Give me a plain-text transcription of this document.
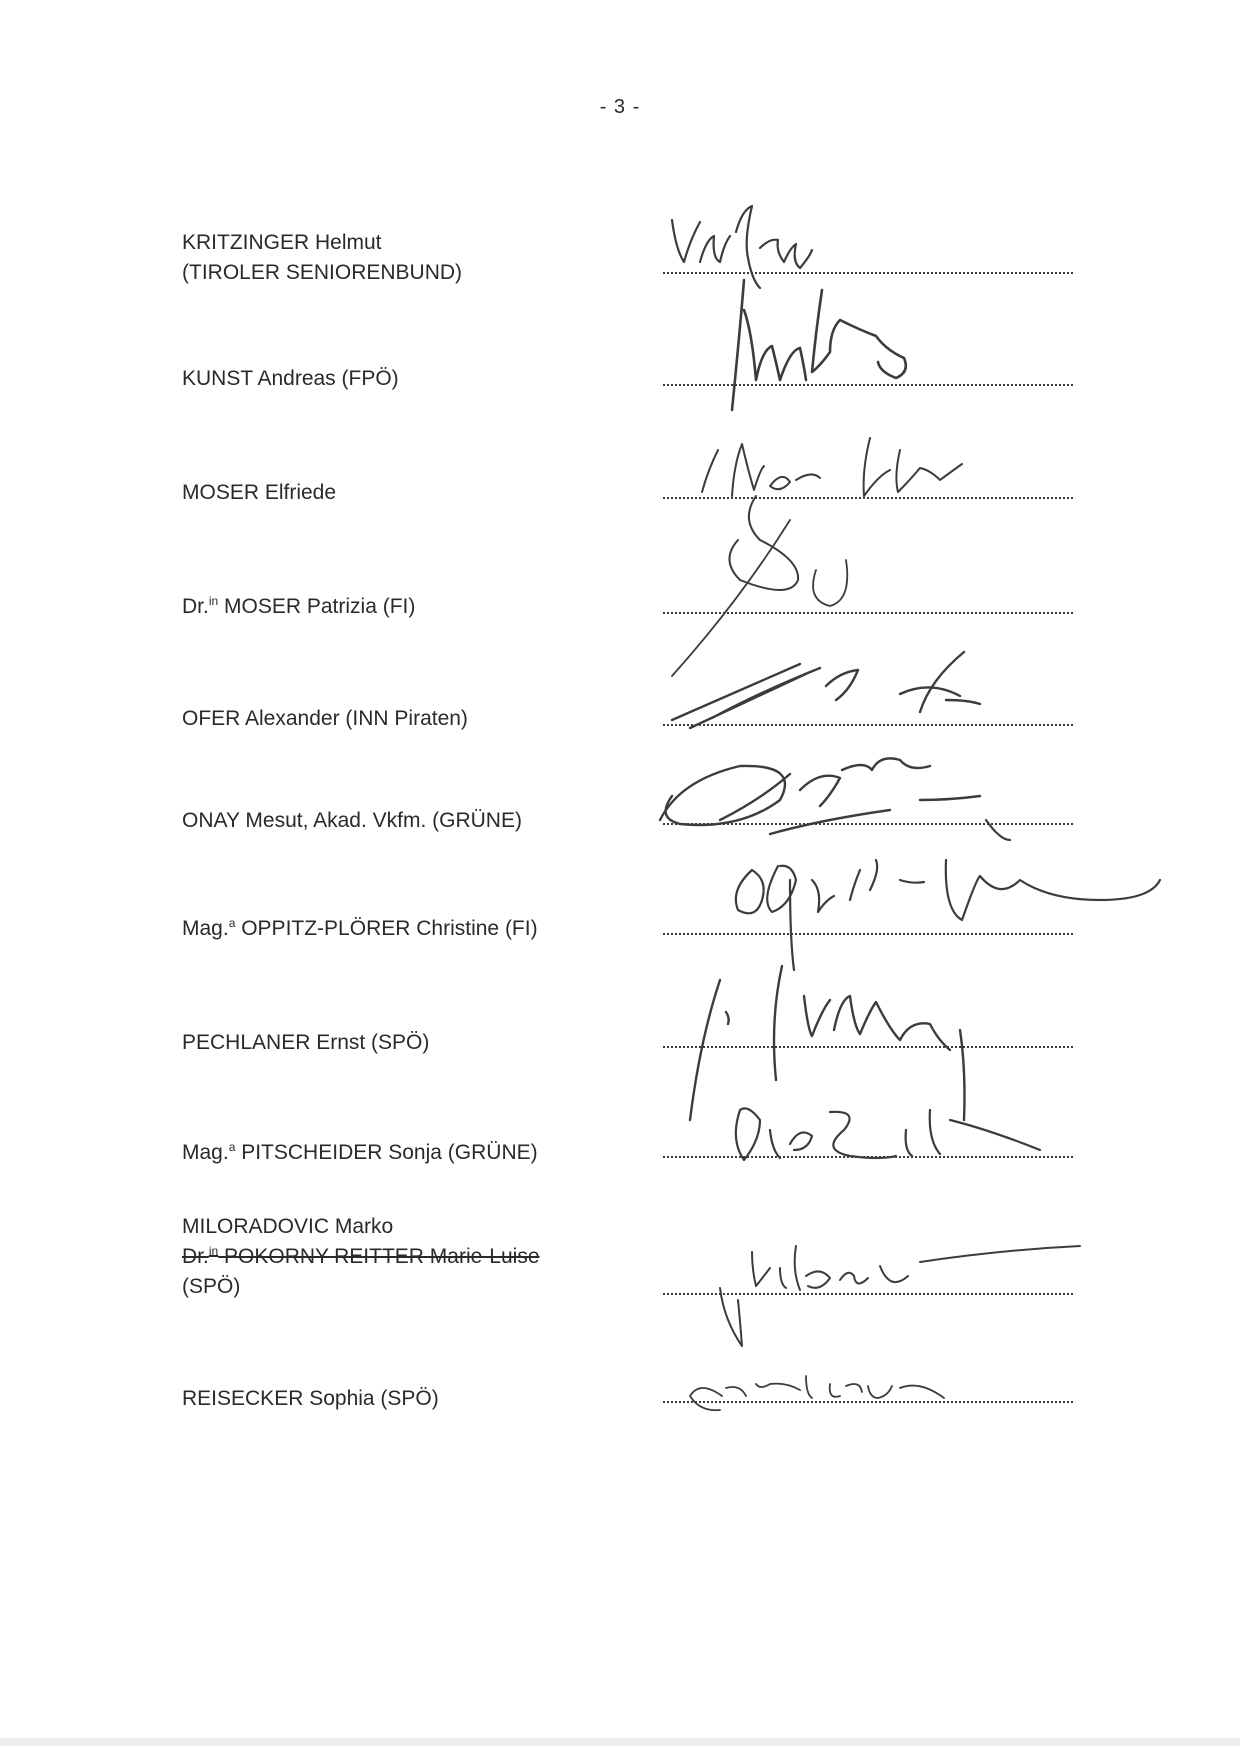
- 3 -
KRITZINGER Helmut
(TIROLER SENIORENBUND)
KUNST Andreas (FPÖ)
MOSER Elfriede
Dr.$^{in}$ MOSER Patrizia (FI)
OFER Alexander (INN Piraten)
ONAY Mesut, Akad. Vkfm. (GRÜNE)
Mag.$^a$ OPPITZ-PLÖRER Christine (FI)
PECHLANER Ernst (SPÖ)
Mag.$^a$ PITSCHEIDER Sonja (GRÜNE)
MILORADOVIC Marko
Dr.$^{in}$ POKORNY-REITTER Marie-Luise
(SPÖ)
REISECKER Sophia (SPÖ)
